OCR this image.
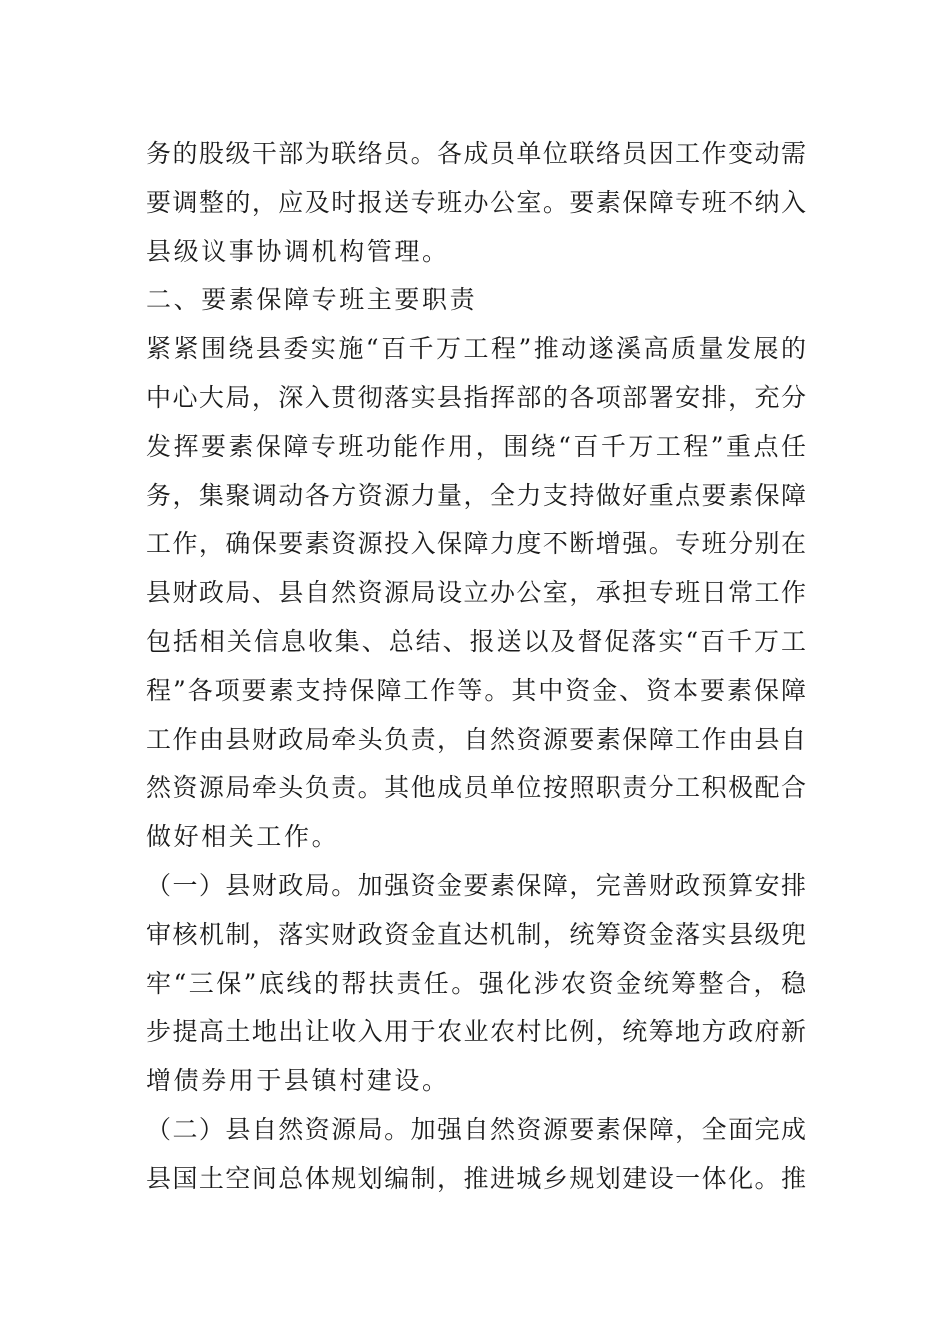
务的股级干部为联络员。各成员单位联络员因工作变动需
要调整的，应及时报送专班办公室。要素保障专班不纳入
县级议事协调机构管理。
二、要素保障专班主要职责
紧紧围绕县委实施“百千万工程”推动遂溪高质量发展的
中心大局，深入贯彻落实县指挥部的各项部署安排，充分
发挥要素保障专班功能作用，围绕“百千万工程”重点任
务，集聚调动各方资源力量，全力支持做好重点要素保障
工作，确保要素资源投入保障力度不断增强。专班分别在
县财政局、县自然资源局设立办公室，承担专班日常工作
包括相关信息收集、总结、报送以及督促落实“百千万工
程”各项要素支持保障工作等。其中资金、资本要素保障
工作由县财政局牵头负责，自然资源要素保障工作由县自
然资源局牵头负责。其他成员单位按照职责分工积极配合
做好相关工作。
（一）县财政局。加强资金要素保障，完善财政预算安排
审核机制，落实财政资金直达机制，统筹资金落实县级兜
牢“三保”底线的帮扶责任。强化涉农资金统筹整合，稳
步提高土地出让收入用于农业农村比例，统筹地方政府新
增债券用于县镇村建设。
（二）县自然资源局。加强自然资源要素保障，全面完成
县国土空间总体规划编制，推进城乡规划建设一体化。推
